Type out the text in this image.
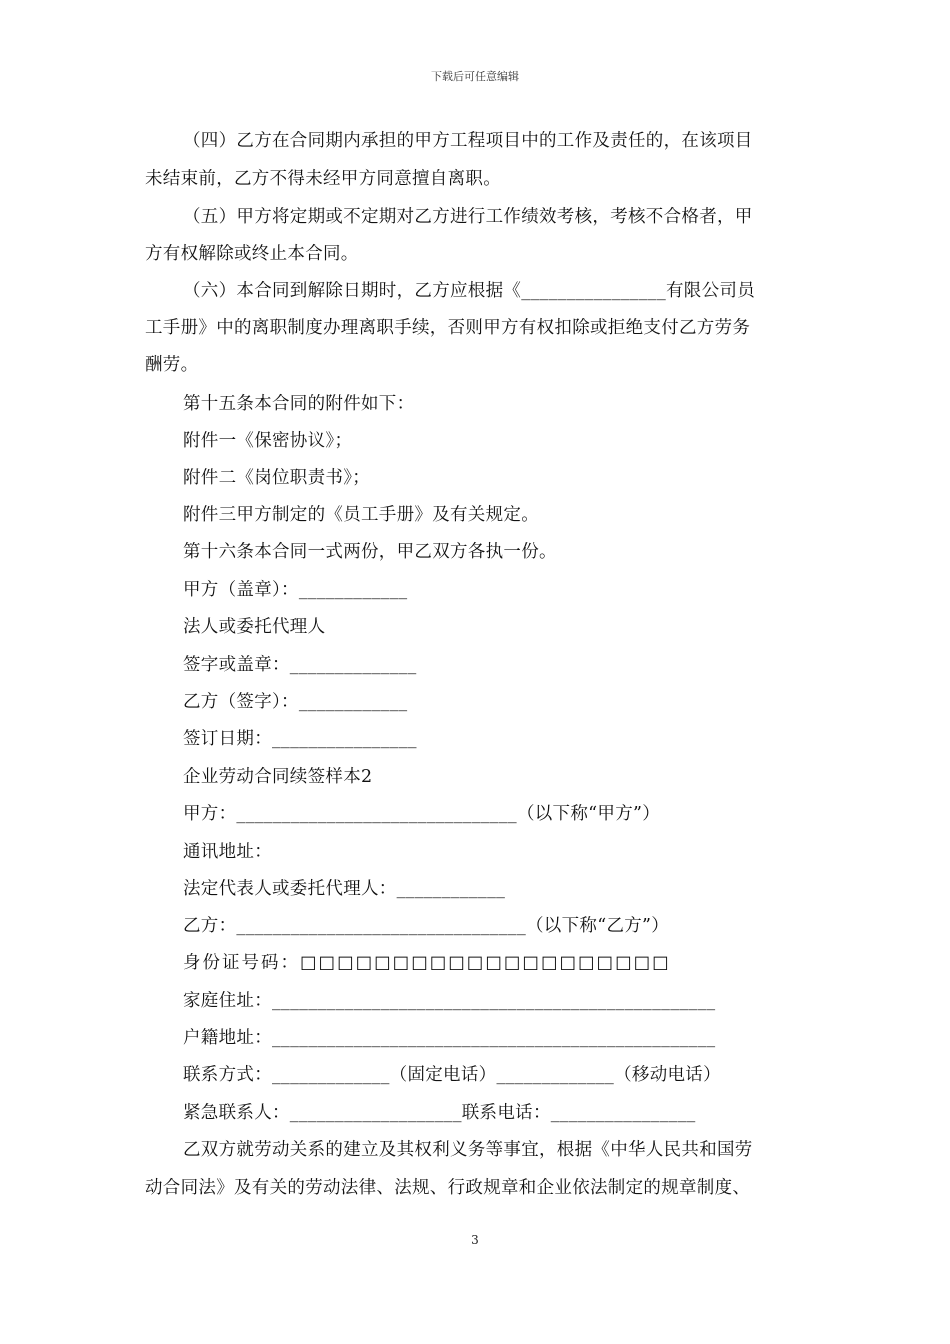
下载后可任意编辑
（四）乙方在合同期内承担的甲方工程项目中的工作及责任的，在该项目
未结束前，乙方不得未经甲方同意擅自离职。
（五）甲方将定期或不定期对乙方进行工作绩效考核，考核不合格者，甲
方有权解除或终止本合同。
（六）本合同到解除日期时，乙方应根据《________________有限公司员
工手册》中的离职制度办理离职手续，否则甲方有权扣除或拒绝支付乙方劳务
酬劳。
第十五条本合同的附件如下：
附件一《保密协议》；
附件二《岗位职责书》；
附件三甲方制定的《员工手册》及有关规定。
第十六条本合同一式两份，甲乙双方各执一份。
甲方（盖章）：____________
法人或委托代理人
签字或盖章：______________
乙方（签字）：____________
签订日期：________________
企业劳动合同续签样本2
甲方：_______________________________（以下称“甲方”）
通讯地址：
法定代表人或委托代理人：____________
乙方：________________________________（以下称“乙方”）
身份证号码：□□□□□□□□□□□□□□□□□□□□
家庭住址：_________________________________________________
户籍地址：_________________________________________________
联系方式：_____________（固定电话）_____________（移动电话）
紧急联系人：___________________联系电话：________________
乙双方就劳动关系的建立及其权利义务等事宜，根据《中华人民共和国劳
动合同法》及有关的劳动法律、法规、行政规章和企业依法制定的规章制度、
3
